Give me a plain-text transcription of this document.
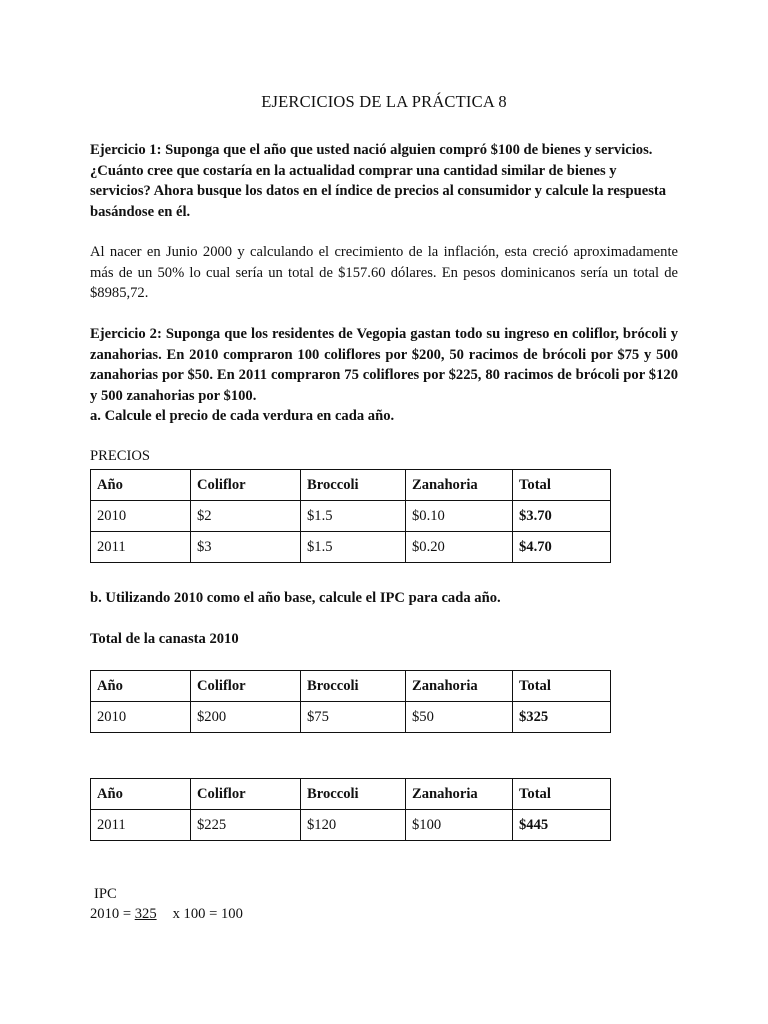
EJERCICIOS DE LA PRÁCTICA 8
Ejercicio 1: Suponga que el año que usted nació alguien compró $100 de bienes y servicios. ¿Cuánto cree que costaría en la actualidad comprar una cantidad similar de bienes y servicios? Ahora busque los datos en el índice de precios al consumidor y calcule la respuesta basándose en él.
Al nacer en Junio 2000 y calculando el crecimiento de la inflación, esta creció aproximadamente más de un 50% lo cual sería un total de $157.60 dólares. En pesos dominicanos sería un total de $8985,72.
Ejercicio 2: Suponga que los residentes de Vegopia gastan todo su ingreso en coliflor, brócoli y zanahorias. En 2010 compraron 100 coliflores por $200, 50 racimos de brócoli por $75 y 500 zanahorias por $50. En 2011 compraron 75 coliflores por $225, 80 racimos de brócoli por $120 y 500 zanahorias por $100.
a. Calcule el precio de cada verdura en cada año.
PRECIOS
Año	Coliflor	Broccoli	Zanahoria	Total
2010	$2	$1.5	$0.10	$3.70
2011	$3	$1.5	$0.20	$4.70
b. Utilizando 2010 como el año base, calcule el IPC para cada año.
Total de la canasta 2010
Año	Coliflor	Broccoli	Zanahoria	Total
2010	$200	$75	$50	$325
Año	Coliflor	Broccoli	Zanahoria	Total
2011	$225	$120	$100	$445
IPC
2010 = 325 x 100 = 100
